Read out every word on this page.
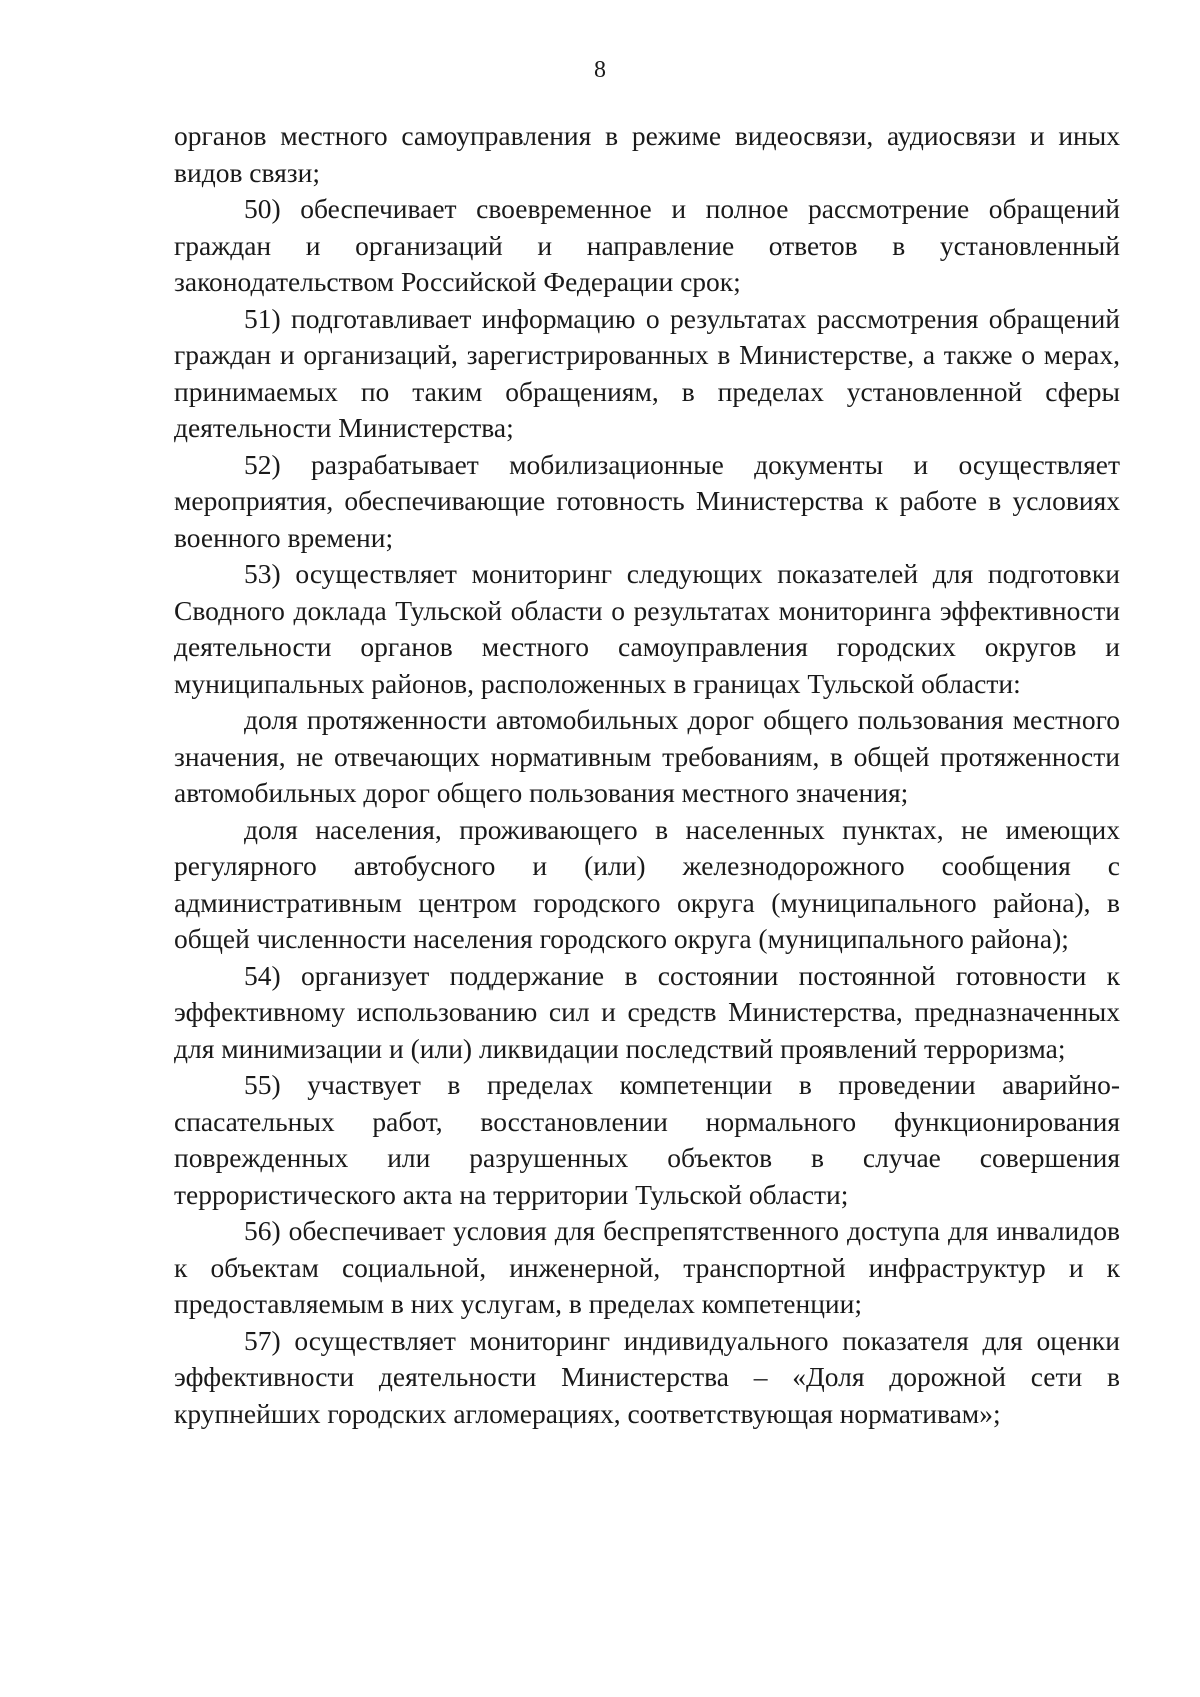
8

органов местного самоуправления в режиме видеосвязи, аудиосвязи и иных видов связи;

50) обеспечивает своевременное и полное рассмотрение обращений граждан и организаций и направление ответов в установленный законодательством Российской Федерации срок;

51) подготавливает информацию о результатах рассмотрения обращений граждан и организаций, зарегистрированных в Министерстве, а также о мерах, принимаемых по таким обращениям, в пределах установленной сферы деятельности Министерства;

52) разрабатывает мобилизационные документы и осуществляет мероприятия, обеспечивающие готовность Министерства к работе в условиях военного времени;

53) осуществляет мониторинг следующих показателей для подготовки Сводного доклада Тульской области о результатах мониторинга эффективности деятельности органов местного самоуправления городских округов и муниципальных районов, расположенных в границах Тульской области:

доля протяженности автомобильных дорог общего пользования местного значения, не отвечающих нормативным требованиям, в общей протяженности автомобильных дорог общего пользования местного значения;

доля населения, проживающего в населенных пунктах, не имеющих регулярного автобусного и (или) железнодорожного сообщения с административным центром городского округа (муниципального района), в общей численности населения городского округа (муниципального района);

54) организует поддержание в состоянии постоянной готовности к эффективному использованию сил и средств Министерства, предназначенных для минимизации и (или) ликвидации последствий проявлений терроризма;

55) участвует в пределах компетенции в проведении аварийно-спасательных работ, восстановлении нормального функционирования поврежденных или разрушенных объектов в случае совершения террористического акта на территории Тульской области;

56) обеспечивает условия для беспрепятственного доступа для инвалидов к объектам социальной, инженерной, транспортной инфраструктур и к предоставляемым в них услугам, в пределах компетенции;

57) осуществляет мониторинг индивидуального показателя для оценки эффективности деятельности Министерства – «Доля дорожной сети в крупнейших городских агломерациях, соответствующая нормативам»;
